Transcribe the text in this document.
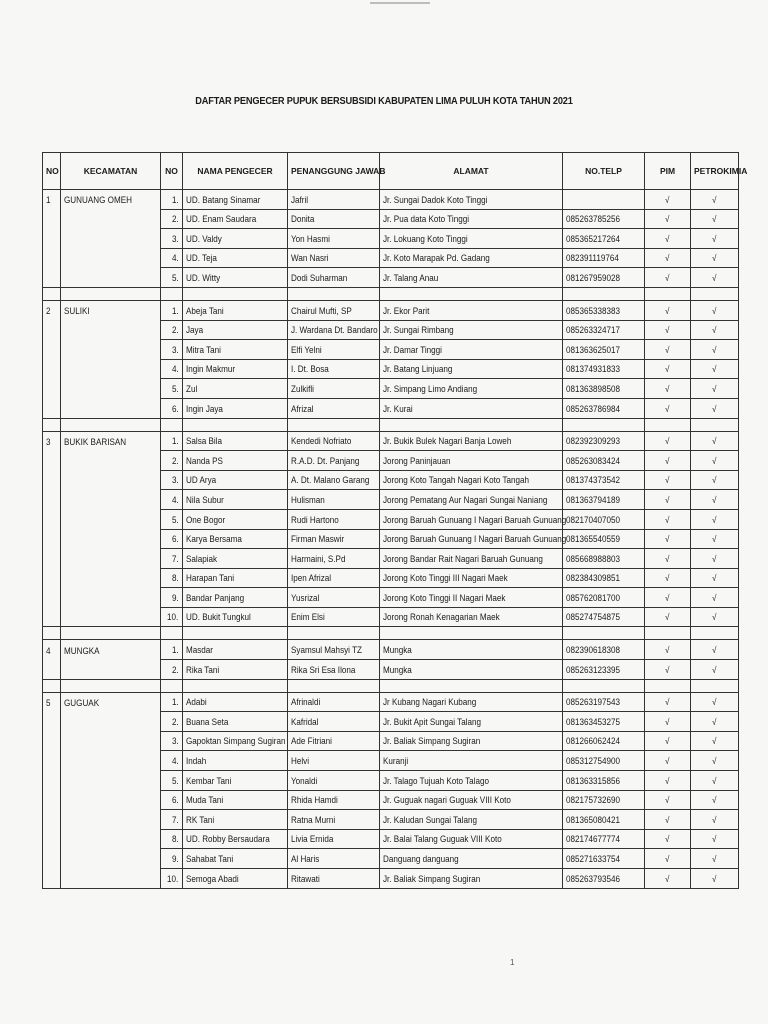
DAFTAR PENGECER PUPUK BERSUBSIDI KABUPATEN LIMA PULUH KOTA TAHUN 2021
NO	KECAMATAN	NO	NAMA PENGECER	PENANGGUNG JAWAB	ALAMAT	NO.TELP	PIM	PETROKIMIA
1	GUNUANG OMEH	1.	UD. Batang Sinamar	Jafril	Jr. Sungai Dadok Koto Tinggi		√	√
		2.	UD. Enam Saudara	Donita	Jr. Pua data Koto Tinggi	085263785256	√	√
		3.	UD. Valdy	Yon Hasmi	Jr. Lokuang Koto Tinggi	085365217264	√	√
		4.	UD. Teja	Wan Nasri	Jr. Koto Marapak Pd. Gadang	082391119764	√	√
		5.	UD. Witty	Dodi Suharman	Jr. Talang Anau	081267959028	√	√

2	SULIKI	1.	Abeja Tani	Chairul Mufti, SP	Jr. Ekor Parit	085365338383	√	√
		2.	Jaya	J. Wardana Dt. Bandaro	Jr. Sungai Rimbang	085263324717	√	√
		3.	Mitra Tani	Elfi Yelni	Jr. Damar Tinggi	081363625017	√	√
		4.	Ingin Makmur	I. Dt. Bosa	Jr. Batang Linjuang	081374931833	√	√
		5.	Zul	Zulkifli	Jr. Simpang Limo Andiang	081363898508	√	√
		6.	Ingin Jaya	Afrizal	Jr. Kurai	085263786984	√	√

3	BUKIK BARISAN	1.	Salsa Bila	Kendedi Nofriato	Jr. Bukik Bulek Nagari Banja Loweh	082392309293	√	√
		2.	Nanda PS	R.A.D. Dt. Panjang	Jorong Paninjauan	085263083424	√	√
		3.	UD Arya	A. Dt. Malano Garang	Jorong Koto Tangah Nagari Koto Tangah	081374373542	√	√
		4.	Nila Subur	Hulisman	Jorong Pematang Aur Nagari Sungai Naniang	081363794189	√	√
		5.	One Bogor	Rudi Hartono	Jorong Baruah Gunuang I Nagari Baruah Gunuang	082170407050	√	√
		6.	Karya Bersama	Firman Maswir	Jorong Baruah Gunuang I Nagari Baruah Gunuang	081365540559	√	√
		7.	Salapiak	Harmaini, S.Pd	Jorong Bandar Rait Nagari Baruah Gunuang	085668988803	√	√
		8.	Harapan Tani	Ipen Afrizal	Jorong Koto Tinggi III Nagari Maek	082384309851	√	√
		9.	Bandar Panjang	Yusrizal	Jorong Koto Tinggi II Nagari Maek	085762081700	√	√
		10.	UD. Bukit Tungkul	Enim Elsi	Jorong Ronah Kenagarian Maek	085274754875	√	√

4	MUNGKA	1.	Masdar	Syamsul Mahsyi TZ	Mungka	082390618308	√	√
		2.	Rika Tani	Rika Sri Esa Ilona	Mungka	085263123395	√	√

5	GUGUAK	1.	Adabi	Afrinaldi	Jr Kubang Nagari Kubang	085263197543	√	√
		2.	Buana Seta	Kafridal	Jr. Bukit Apit Sungai Talang	081363453275	√	√
		3.	Gapoktan Simpang Sugiran	Ade Fitriani	Jr. Baliak Simpang Sugiran	081266062424	√	√
		4.	Indah	Helvi	Kuranji	085312754900	√	√
		5.	Kembar Tani	Yonaldi	Jr. Talago Tujuah Koto Talago	081363315856	√	√
		6.	Muda Tani	Rhida Hamdi	Jr. Guguak nagari Guguak VIII Koto	082175732690	√	√
		7.	RK Tani	Ratna Murni	Jr. Kaludan Sungai Talang	081365080421	√	√
		8.	UD. Robby Bersaudara	Livia Ernida	Jr. Balai Talang Guguak VIII Koto	082174677774	√	√
		9.	Sahabat Tani	Al Haris	Danguang danguang	085271633754	√	√
		10.	Semoga Abadi	Ritawati	Jr. Baliak Simpang Sugiran	085263793546	√	√
1
